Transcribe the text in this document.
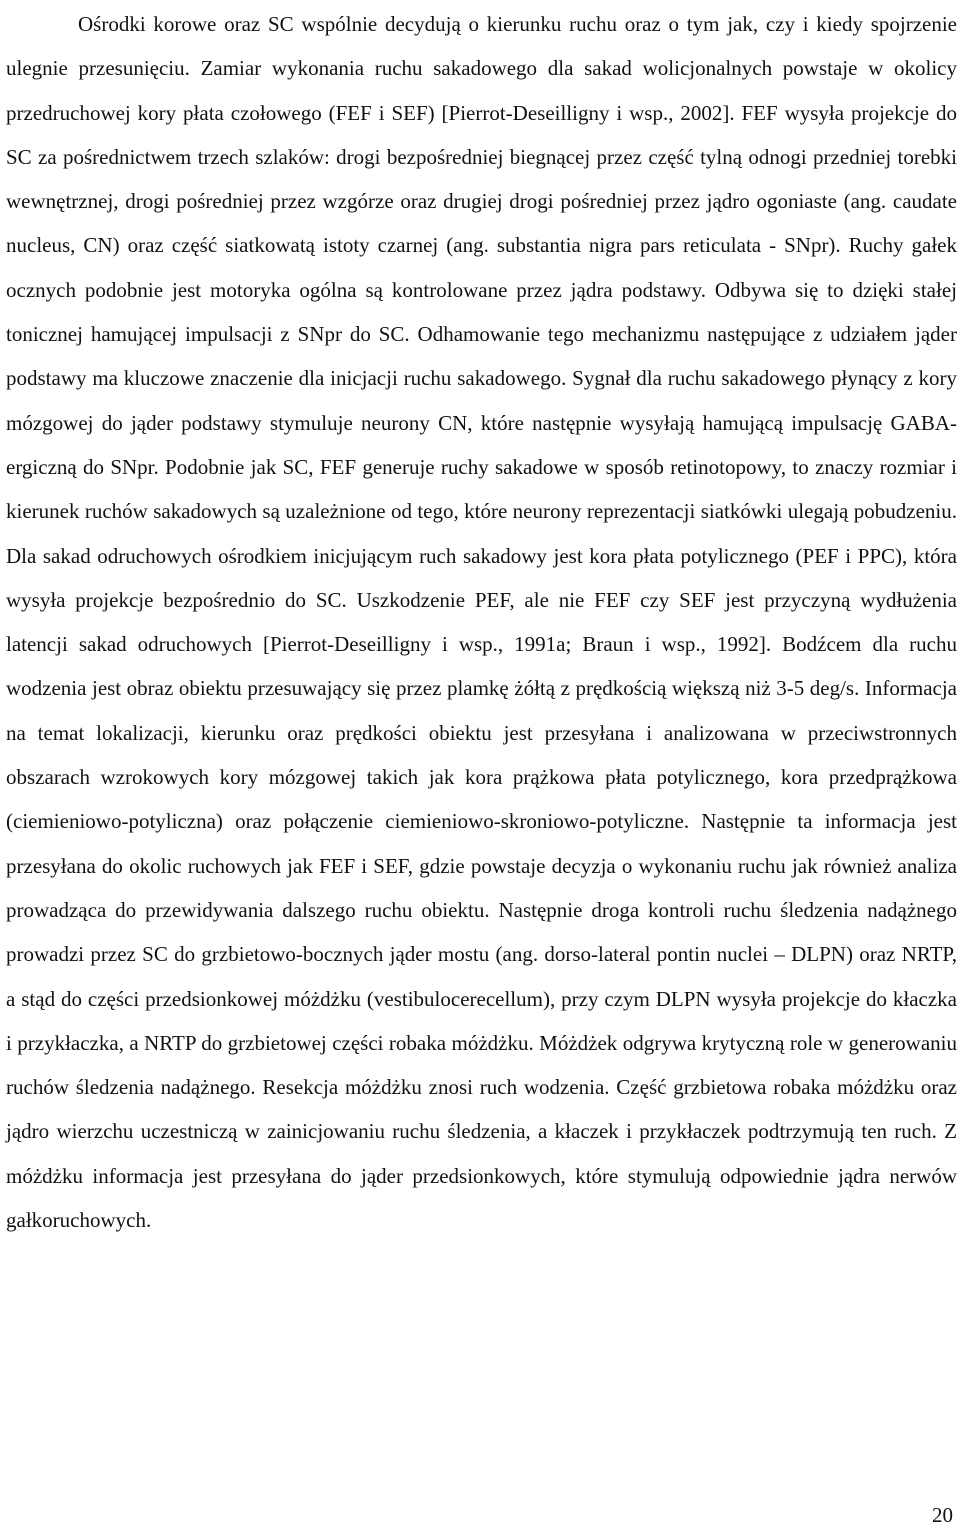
Ośrodki korowe oraz SC wspólnie decydują o kierunku ruchu oraz o tym jak, czy i kiedy spojrzenie ulegnie przesunięciu. Zamiar wykonania ruchu sakadowego dla sakad wolicjonalnych powstaje w okolicy przedruchowej kory płata czołowego (FEF i SEF) [Pierrot-Deseilligny i wsp., 2002]. FEF wysyła projekcje do SC za pośrednictwem trzech szlaków: drogi bezpośredniej biegnącej przez część tylną odnogi przedniej torebki wewnętrznej, drogi pośredniej przez wzgórze oraz drugiej drogi pośredniej przez jądro ogoniaste (ang. caudate nucleus, CN) oraz część siatkowatą istoty czarnej (ang. substantia nigra pars reticulata - SNpr). Ruchy gałek ocznych podobnie jest motoryka ogólna są kontrolowane przez jądra podstawy. Odbywa się to dzięki stałej tonicznej hamującej impulsacji z SNpr do SC. Odhamowanie tego mechanizmu następujące z udziałem jąder podstawy ma kluczowe znaczenie dla inicjacji ruchu sakadowego. Sygnał dla ruchu sakadowego płynący z kory mózgowej do jąder podstawy stymuluje neurony CN, które następnie wysyłają hamującą impulsację GABA-ergiczną do SNpr. Podobnie jak SC, FEF generuje ruchy sakadowe w sposób retinotopowy, to znaczy rozmiar i kierunek ruchów sakadowych są uzależnione od tego, które neurony reprezentacji siatkówki ulegają pobudzeniu. Dla sakad odruchowych ośrodkiem inicjującym ruch sakadowy jest kora płata potylicznego (PEF i PPC), która wysyła projekcje bezpośrednio do SC. Uszkodzenie PEF, ale nie FEF czy SEF jest przyczyną wydłużenia latencji sakad odruchowych [Pierrot-Deseilligny i wsp., 1991a; Braun i wsp., 1992]. Bodźcem dla ruchu wodzenia jest obraz obiektu przesuwający się przez plamkę żółtą z prędkością większą niż 3-5 deg/s. Informacja na temat lokalizacji, kierunku oraz prędkości obiektu jest przesyłana i analizowana w przeciwstronnych obszarach wzrokowych kory mózgowej takich jak kora prążkowa płata potylicznego, kora przedprążkowa (ciemieniowo-potyliczna) oraz połączenie ciemieniowo-skroniowo-potyliczne. Następnie ta informacja jest przesyłana do okolic ruchowych jak FEF i SEF, gdzie powstaje decyzja o wykonaniu ruchu jak również analiza prowadząca do przewidywania dalszego ruchu obiektu. Następnie droga kontroli ruchu śledzenia nadążnego prowadzi przez SC do grzbietowo-bocznych jąder mostu (ang. dorso-lateral pontin nuclei – DLPN) oraz NRTP, a stąd do części przedsionkowej móżdżku (vestibulocerecellum), przy czym DLPN wysyła projekcje do kłaczka i przykłaczka, a NRTP do grzbietowej części robaka móżdżku. Móżdżek odgrywa krytyczną role w generowaniu ruchów śledzenia nadążnego. Resekcja móżdżku znosi ruch wodzenia. Część grzbietowa robaka móżdżku oraz jądro wierzchu uczestniczą w zainicjowaniu ruchu śledzenia, a kłaczek i przykłaczek podtrzymują ten ruch. Z móżdżku informacja jest przesyłana do jąder przedsionkowych, które stymulują odpowiednie jądra nerwów gałkoruchowych.

20
